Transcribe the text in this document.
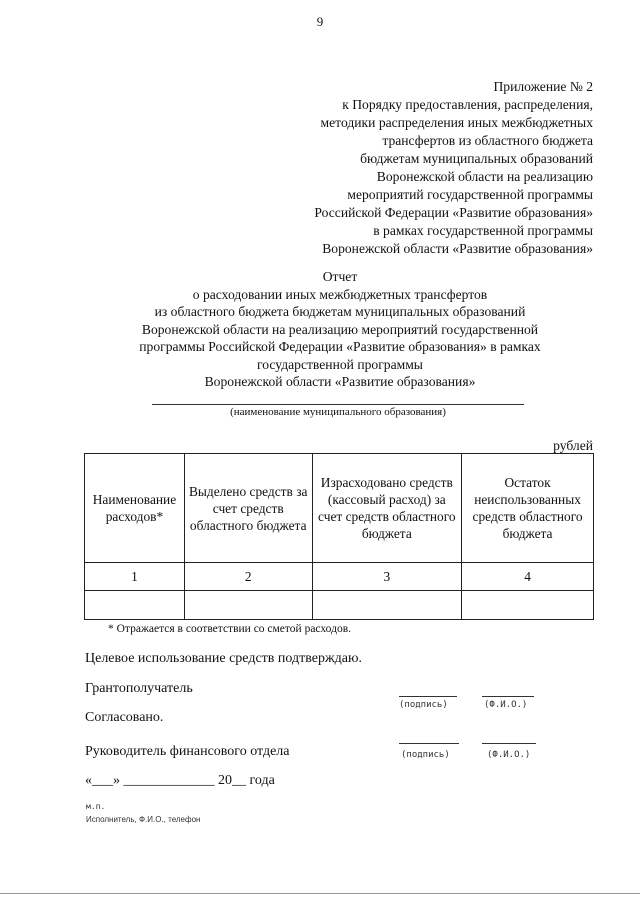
9
Приложение № 2
к Порядку предоставления, распределения,
методики распределения иных межбюджетных
трансфертов из областного бюджета
бюджетам муниципальных образований
Воронежской области на реализацию
мероприятий государственной программы
Российской Федерации «Развитие образования»
в рамках государственной программы
Воронежской области «Развитие образования»
Отчет
о расходовании иных межбюджетных трансфертов
из областного бюджета бюджетам муниципальных образований
Воронежской области на реализацию мероприятий государственной
программы Российской Федерации «Развитие образования» в рамках
государственной программы
Воронежской области «Развитие образования»
(наименование муниципального образования)
рублей
Наименование расходов*	Выделено средств за счет средств областного бюджета	Израсходовано средств (кассовый расход) за счет средств областного бюджета	Остаток неиспользованных средств областного бюджета
1	2	3	4

* Отражается в соответствии со сметой расходов.
Целевое использование средств подтверждаю.
Грантополучатель
(подпись)	(Ф.И.О.)
Согласовано.
Руководитель финансового отдела	(подпись)	(Ф.И.О.)
«___» _____________ 20__ года
м.п.
Исполнитель, Ф.И.О., телефон
